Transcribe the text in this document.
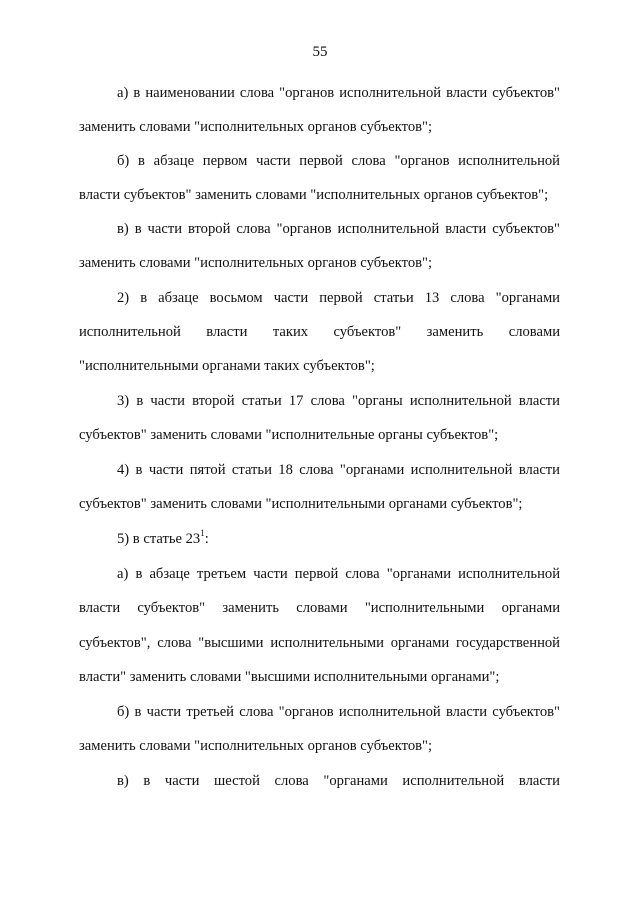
55
а) в наименовании слова "органов исполнительной власти субъектов"
заменить словами "исполнительных органов субъектов";
б) в абзаце первом части первой слова "органов исполнительной
власти субъектов" заменить словами "исполнительных органов субъектов";
в) в части второй слова "органов исполнительной власти субъектов"
заменить словами "исполнительных органов субъектов";
2) в абзаце восьмом части первой статьи 13 слова "органами
исполнительной власти таких субъектов" заменить словами
"исполнительными органами таких субъектов";
3) в части второй статьи 17 слова "органы исполнительной власти
субъектов" заменить словами "исполнительные органы субъектов";
4) в части пятой статьи 18 слова "органами исполнительной власти
субъектов" заменить словами "исполнительными органами субъектов";
5) в статье $23^1$:
а) в абзаце третьем части первой слова "органами исполнительной
власти субъектов" заменить словами "исполнительными органами
субъектов", слова "высшими исполнительными органами государственной
власти" заменить словами "высшими исполнительными органами";
б) в части третьей слова "органов исполнительной власти субъектов"
заменить словами "исполнительных органов субъектов";
в) в части шестой слова "органами исполнительной власти
